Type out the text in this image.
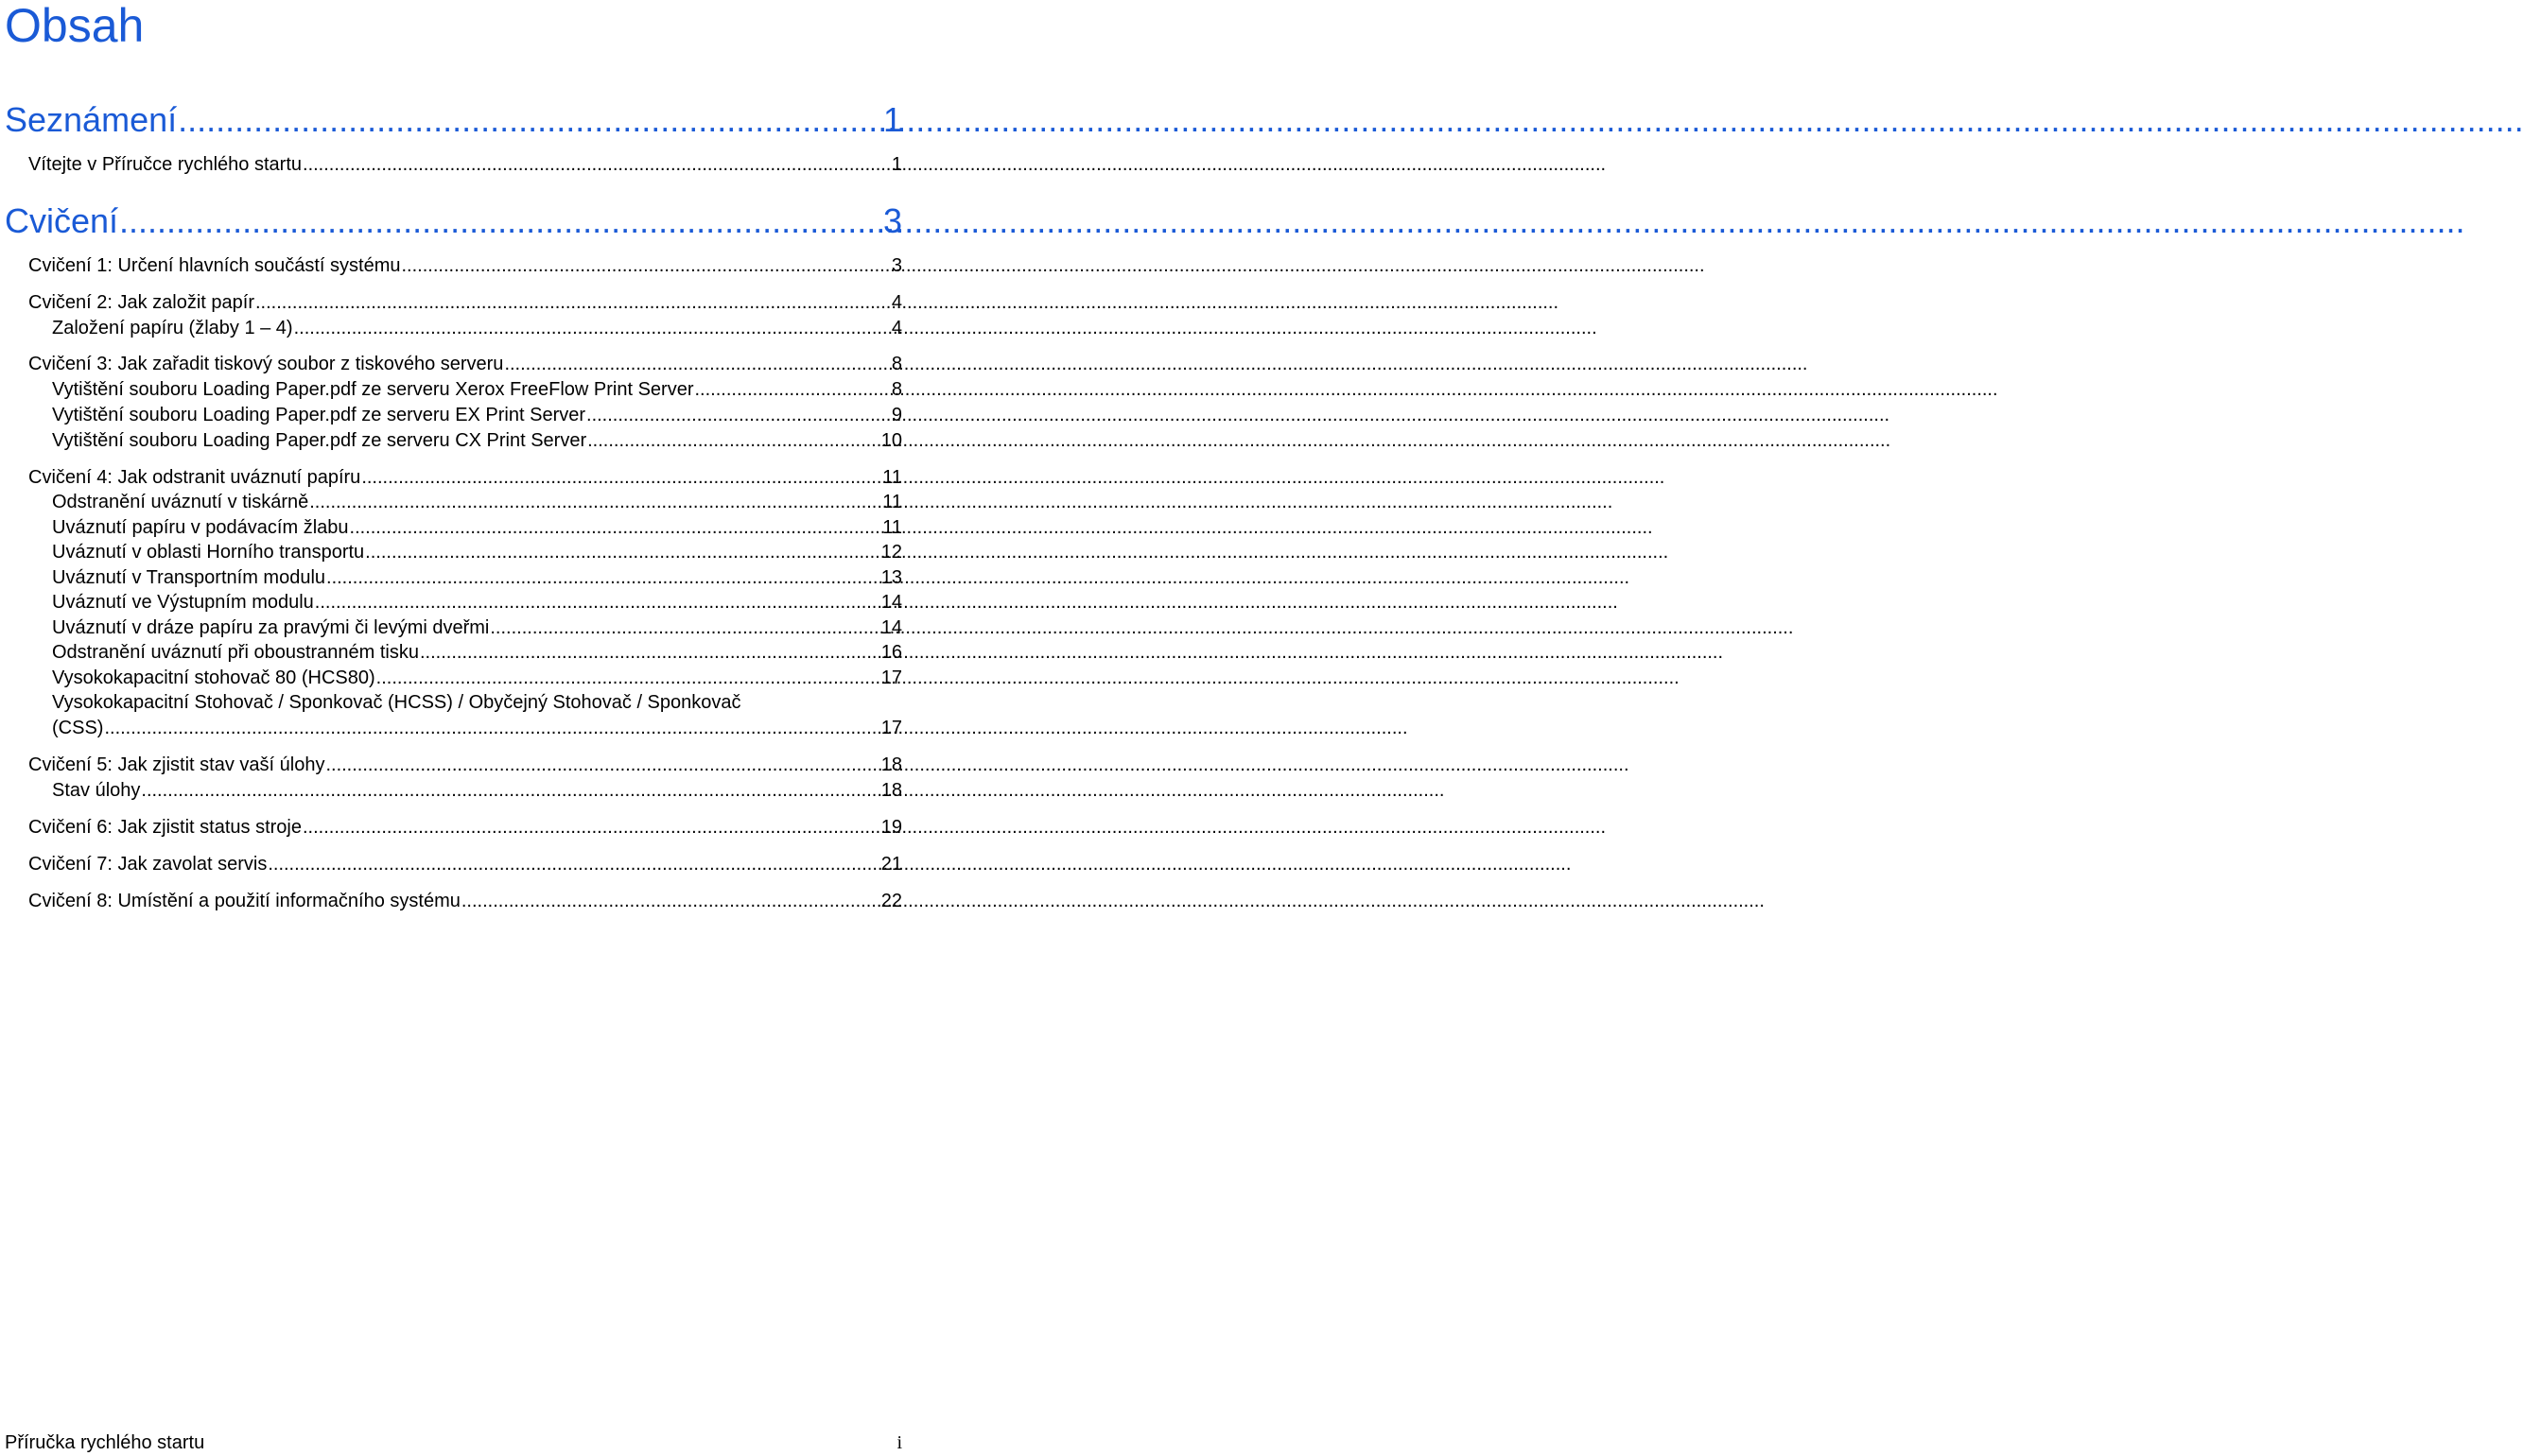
Obsah
Seznámení .....	1
Vítejte v Příručce rychlého startu .....	1
Cvičení .....	3
Cvičení 1: Určení hlavních součástí systému .....	3
Cvičení 2: Jak založit papír .....	4
Založení papíru (žlaby 1 – 4) .....	4
Cvičení 3: Jak zařadit tiskový soubor z tiskového serveru .....	8
Vytištění souboru Loading Paper.pdf ze serveru Xerox FreeFlow Print Server .....	8
Vytištění souboru Loading Paper.pdf ze serveru EX Print Server .....	9
Vytištění souboru Loading Paper.pdf ze serveru CX Print Server .....	10
Cvičení 4: Jak odstranit uváznutí papíru .....	11
Odstranění uváznutí v tiskárně .....	11
Uváznutí papíru v podávacím žlabu .....	11
Uváznutí v oblasti Horního transportu .....	12
Uváznutí v Transportním modulu .....	13
Uváznutí ve Výstupním modulu .....	14
Uváznutí v dráze papíru za pravými či levými dveřmi .....	14
Odstranění uváznutí při oboustranném tisku .....	16
Vysokokapacitní stohovač 80 (HCS80) .....	17
Vysokokapacitní Stohovač / Sponkovač (HCSS) / Obyčejný Stohovač / Sponkovač
(CSS) .....	17
Cvičení 5: Jak zjistit stav vaší úlohy .....	18
Stav úlohy .....	18
Cvičení 6: Jak zjistit status stroje .....	19
Cvičení 7: Jak zavolat servis .....	21
Cvičení 8: Umístění a použití informačního systému .....	22
Příručka rychlého startu	i
